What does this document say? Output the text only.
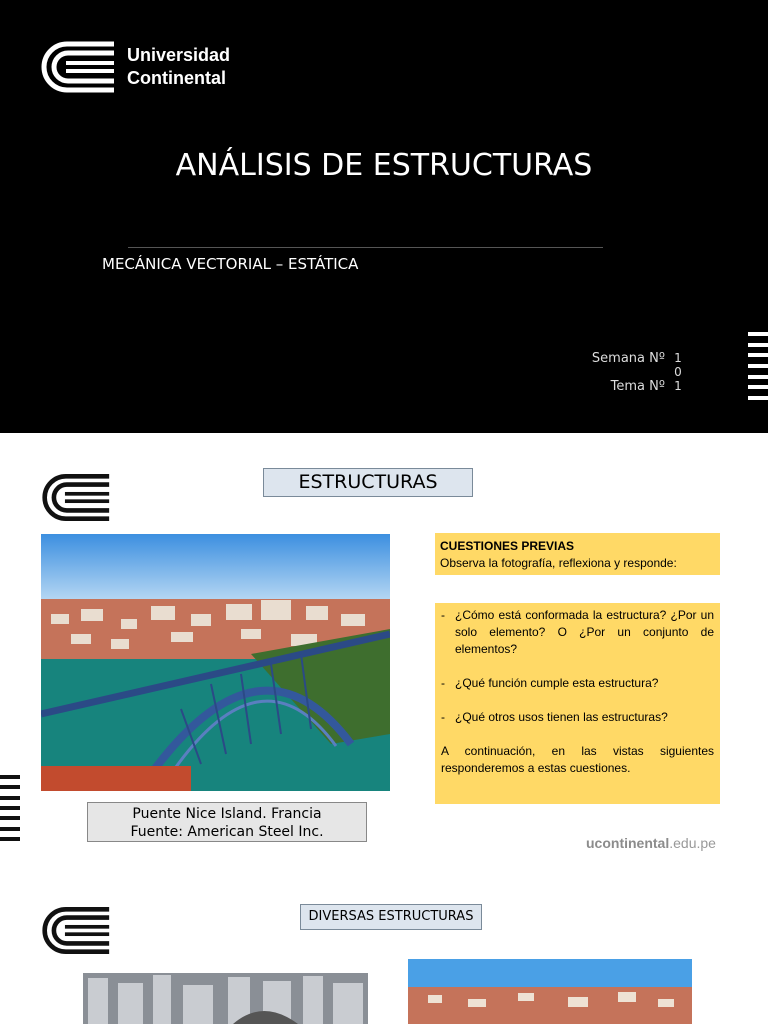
Universidad
Continental
ANÁLISIS DE ESTRUCTURAS
MECÁNICA VECTORIAL – ESTÁTICA
Semana Nº
Tema Nº
1
0
1
ESTRUCTURAS
Puente Nice Island. Francia
Fuente: American Steel Inc.
CUESTIONES PREVIAS
Observa la fotografía, reflexiona y responde:
- ¿Cómo está conformada la estructura? ¿Por un solo elemento? O ¿Por un conjunto de elementos?
- ¿Qué función cumple esta estructura?
- ¿Qué otros usos tienen las estructuras?
A continuación, en las vistas siguientes responderemos a estas cuestiones.
ucontinental.edu.pe
DIVERSAS ESTRUCTURAS
